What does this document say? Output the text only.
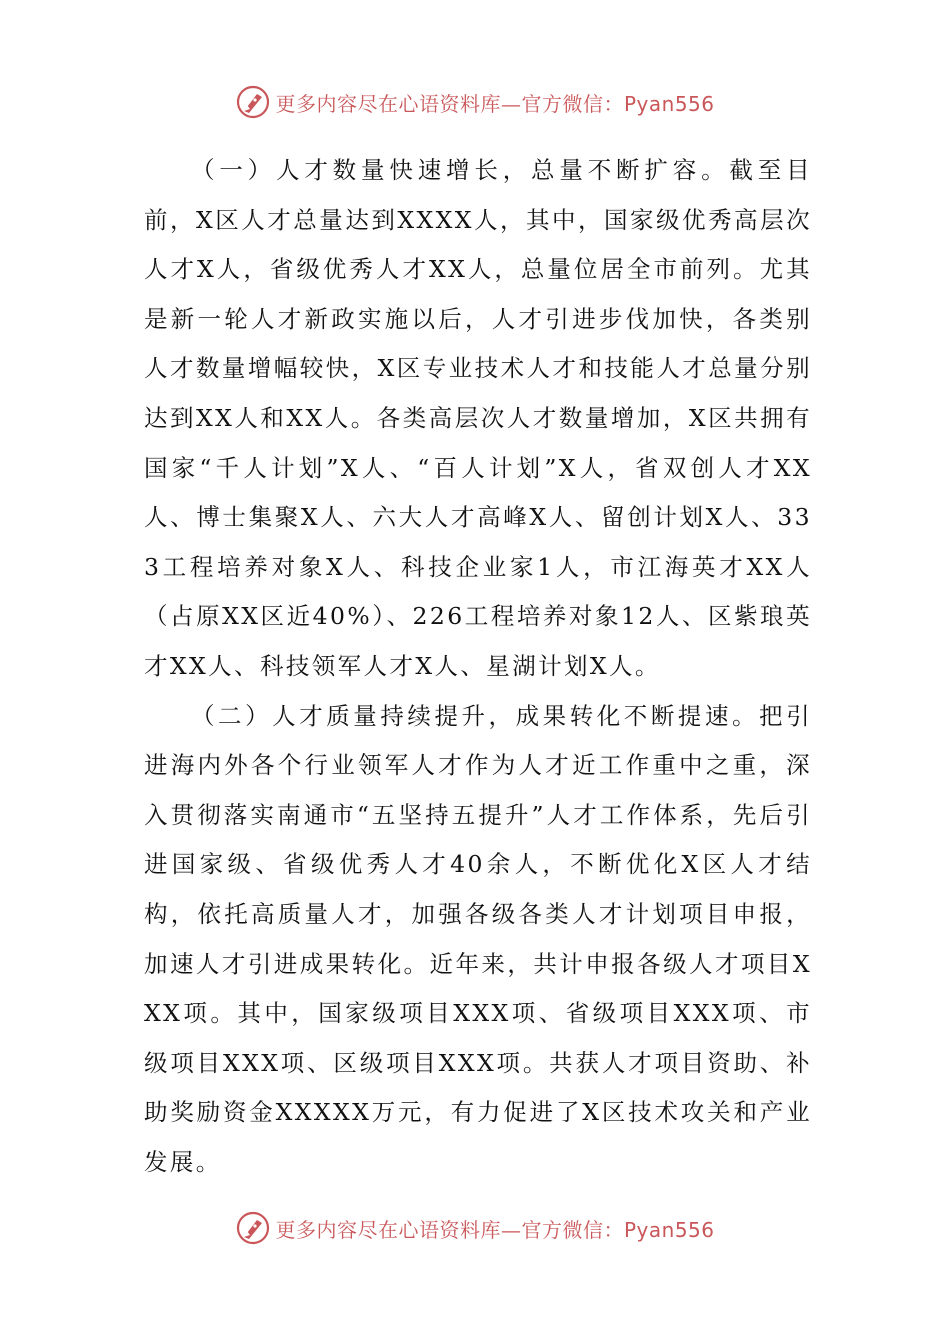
更多内容尽在心语资料库—官方微信：Pyan556

（一）人才数量快速增长，总量不断扩容。截至目前，X区人才总量达到XXXX人，其中，国家级优秀高层次人才X人，省级优秀人才XX人，总量位居全市前列。尤其是新一轮人才新政实施以后，人才引进步伐加快，各类别人才数量增幅较快，X区专业技术人才和技能人才总量分别达到XX人和XX人。各类高层次人才数量增加，X区共拥有国家“千人计划”X人、“百人计划”X人，省双创人才XX人、博士集聚X人、六大人才高峰X人、留创计划X人、333工程培养对象X人、科技企业家1人，市江海英才XX人（占原XX区近40%）、226工程培养对象12人、区紫琅英才XX人、科技领军人才X人、星湖计划X人。

（二）人才质量持续提升，成果转化不断提速。把引进海内外各个行业领军人才作为人才近工作重中之重，深入贯彻落实南通市“五坚持五提升”人才工作体系，先后引进国家级、省级优秀人才40余人，不断优化X区人才结构，依托高质量人才，加强各级各类人才计划项目申报，加速人才引进成果转化。近年来，共计申报各级人才项目XXX项。其中，国家级项目XXX项、省级项目XXX项、市级项目XXX项、区级项目XXX项。共获人才项目资助、补助奖励资金XXXXX万元，有力促进了X区技术攻关和产业发展。

更多内容尽在心语资料库—官方微信：Pyan556
